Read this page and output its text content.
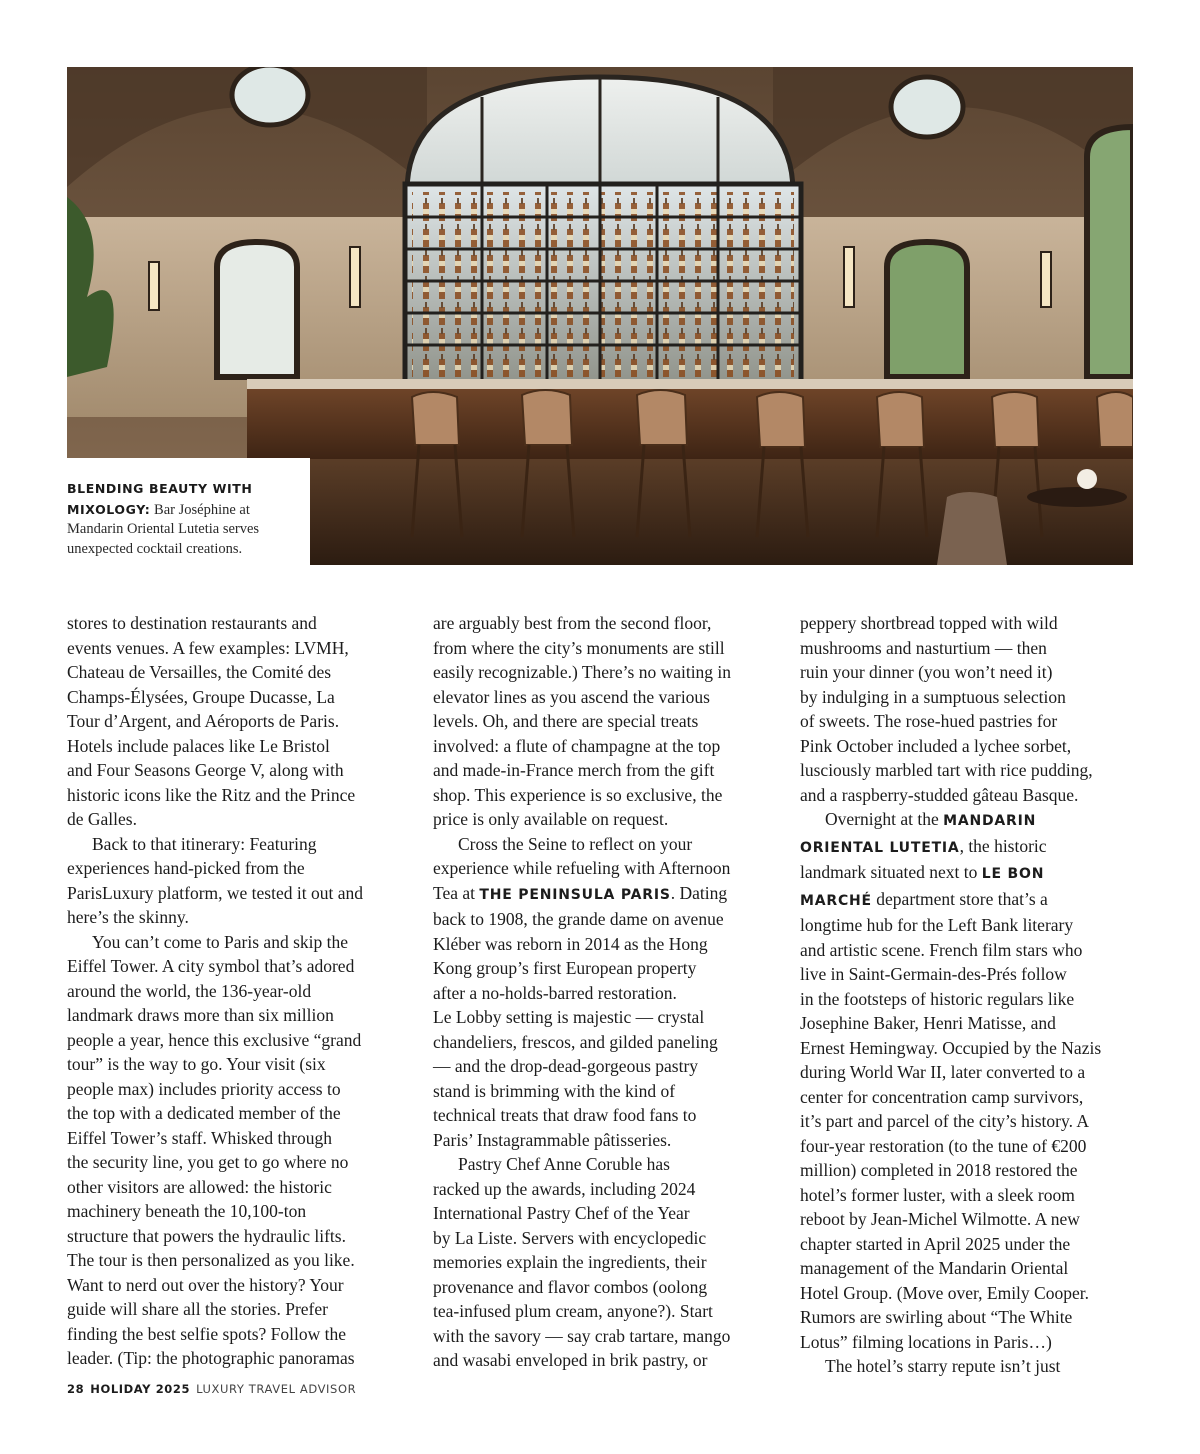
BLENDING BEAUTY WITH MIXOLOGY: Bar Joséphine at Mandarin Oriental Lutetia serves unexpected cocktail creations.

stores to destination restaurants and
events venues. A few examples: LVMH,
Chateau de Versailles, the Comité des
Champs-Élysées, Groupe Ducasse, La
Tour d’Argent, and Aéroports de Paris.
Hotels include palaces like Le Bristol
and Four Seasons George V, along with
historic icons like the Ritz and the Prince
de Galles.

Back to that itinerary: Featuring
experiences hand-picked from the
ParisLuxury platform, we tested it out and
here’s the skinny.

You can’t come to Paris and skip the
Eiffel Tower. A city symbol that’s adored
around the world, the 136-year-old
landmark draws more than six million
people a year, hence this exclusive “grand
tour” is the way to go. Your visit (six
people max) includes priority access to
the top with a dedicated member of the
Eiffel Tower’s staff. Whisked through
the security line, you get to go where no
other visitors are allowed: the historic
machinery beneath the 10,100-ton
structure that powers the hydraulic lifts.
The tour is then personalized as you like.
Want to nerd out over the history? Your
guide will share all the stories. Prefer
finding the best selfie spots? Follow the
leader. (Tip: the photographic panoramas

are arguably best from the second floor,
from where the city’s monuments are still
easily recognizable.) There’s no waiting in
elevator lines as you ascend the various
levels. Oh, and there are special treats
involved: a flute of champagne at the top
and made-in-France merch from the gift
shop. This experience is so exclusive, the
price is only available on request.

Cross the Seine to reflect on your
experience while refueling with Afternoon
Tea at THE PENINSULA PARIS. Dating
back to 1908, the grande dame on avenue
Kléber was reborn in 2014 as the Hong
Kong group’s first European property
after a no-holds-barred restoration.
Le Lobby setting is majestic — crystal
chandeliers, frescos, and gilded paneling
— and the drop-dead-gorgeous pastry
stand is brimming with the kind of
technical treats that draw food fans to
Paris’ Instagrammable pâtisseries.

Pastry Chef Anne Coruble has
racked up the awards, including 2024
International Pastry Chef of the Year
by La Liste. Servers with encyclopedic
memories explain the ingredients, their
provenance and flavor combos (oolong
tea-infused plum cream, anyone?). Start
with the savory — say crab tartare, mango
and wasabi enveloped in brik pastry, or

peppery shortbread topped with wild
mushrooms and nasturtium — then
ruin your dinner (you won’t need it)
by indulging in a sumptuous selection
of sweets. The rose-hued pastries for
Pink October included a lychee sorbet,
lusciously marbled tart with rice pudding,
and a raspberry-studded gâteau Basque.

Overnight at the MANDARIN
ORIENTAL LUTETIA, the historic
landmark situated next to LE BON
MARCHÉ department store that’s a
longtime hub for the Left Bank literary
and artistic scene. French film stars who
live in Saint-Germain-des-Prés follow
in the footsteps of historic regulars like
Josephine Baker, Henri Matisse, and
Ernest Hemingway. Occupied by the Nazis
during World War II, later converted to a
center for concentration camp survivors,
it’s part and parcel of the city’s history. A
four-year restoration (to the tune of €200
million) completed in 2018 restored the
hotel’s former luster, with a sleek room
reboot by Jean-Michel Wilmotte. A new
chapter started in April 2025 under the
management of the Mandarin Oriental
Hotel Group. (Move over, Emily Cooper.
Rumors are swirling about “The White
Lotus” filming locations in Paris…)

The hotel’s starry repute isn’t just

28 HOLIDAY 2025 LUXURY TRAVEL ADVISOR
